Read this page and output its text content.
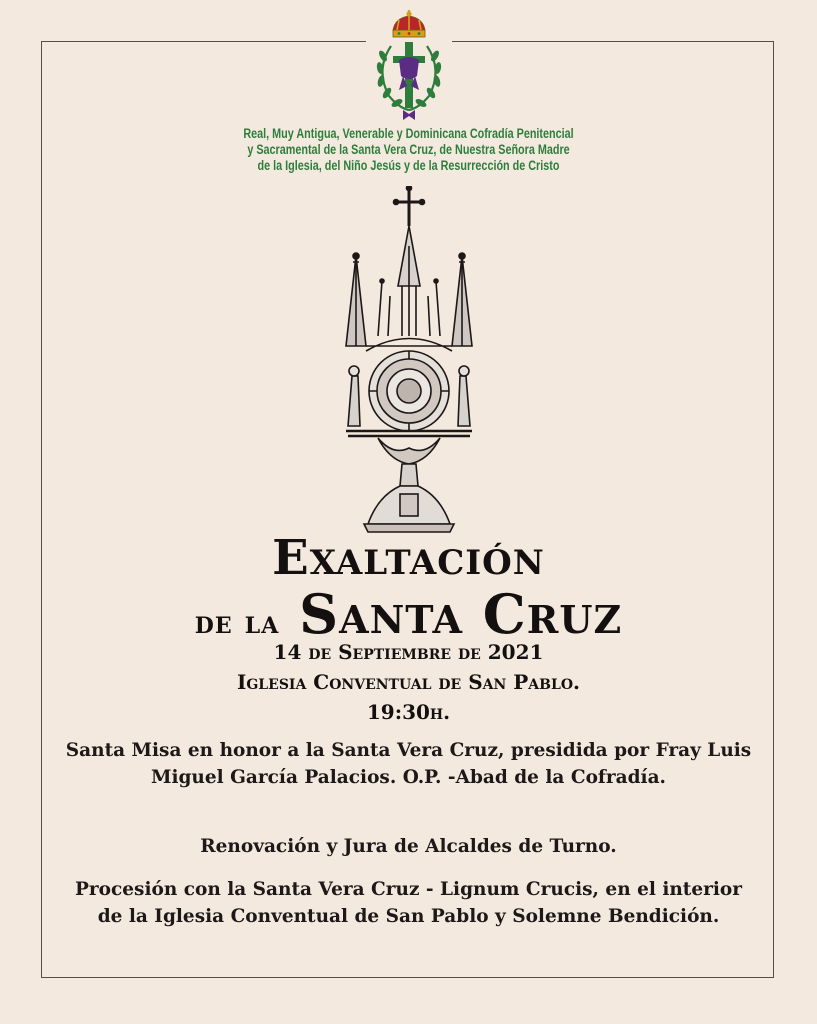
Real, Muy Antigua, Venerable y Dominicana Cofradía Penitencial
y Sacramental de la Santa Vera Cruz, de Nuestra Señora Madre
de la Iglesia, del Niño Jesús y de la Resurrección de Cristo
Exaltación
de la Santa Cruz
14 de Septiembre de 2021
Iglesia Conventual de San Pablo.
19:30h.
Santa Misa en honor a la Santa Vera Cruz, presidida por Fray Luis Miguel García Palacios. O.P. -Abad de la Cofradía.
Renovación y Jura de Alcaldes de Turno.
Procesión con la Santa Vera Cruz - Lignum Crucis, en el interior de la Iglesia Conventual de San Pablo y Solemne Bendición.
